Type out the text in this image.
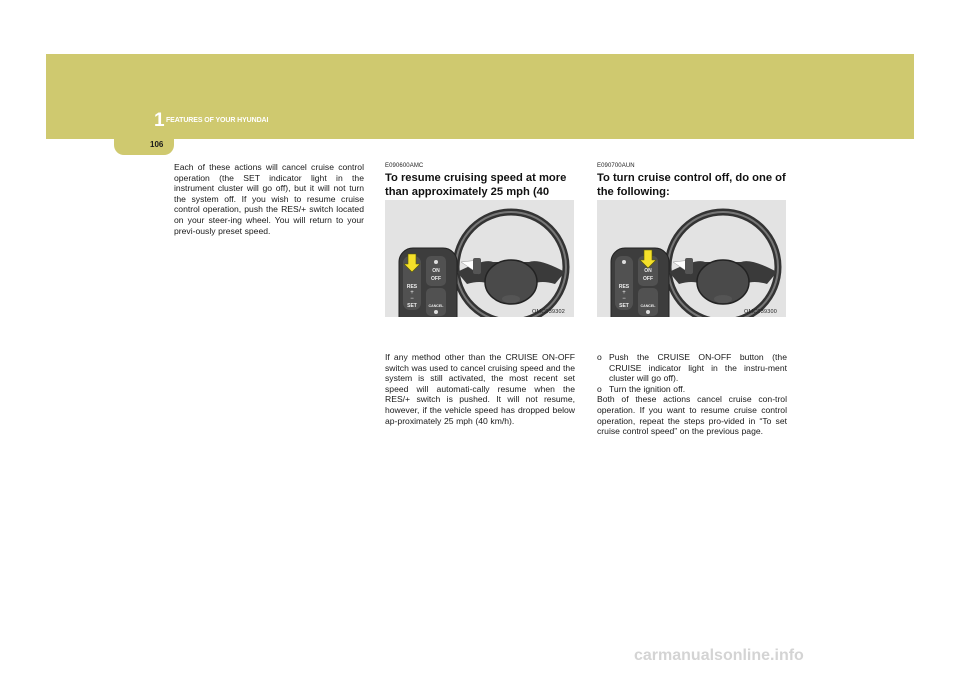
1 FEATURES OF YOUR HYUNDAI
106

Each of these actions will cancel cruise control operation (the SET indicator light in the instrument cluster will go off), but it will not turn the system off. If you wish to resume cruise control operation, push the RES/+ switch located on your steer-ing wheel. You will return to your previ-ously preset speed.

E090600AMC
To resume cruising speed at more than approximately 25 mph (40
RES
+
−
SET
ON
OFF
CANCEL
OMC039302

If any method other than the CRUISE ON-OFF switch was used to cancel cruising speed and the system is still activated, the most recent set speed will automati-cally resume when the RES/+ switch is pushed. It will not resume, however, if the vehicle speed has dropped below ap-proximately 25 mph (40 km/h).

E090700AUN
To turn cruise control off, do one of the following:
RES
+
−
SET
ON
OFF
CANCEL
OMC039300
o Push the CRUISE ON-OFF button (the CRUISE indicator light in the instru-ment cluster will go off).
o Turn the ignition off.

Both of these actions cancel cruise con-trol operation. If you want to resume cruise control operation, repeat the steps pro-vided in “To set cruise control speed” on the previous page.

carmanualsonline.info
